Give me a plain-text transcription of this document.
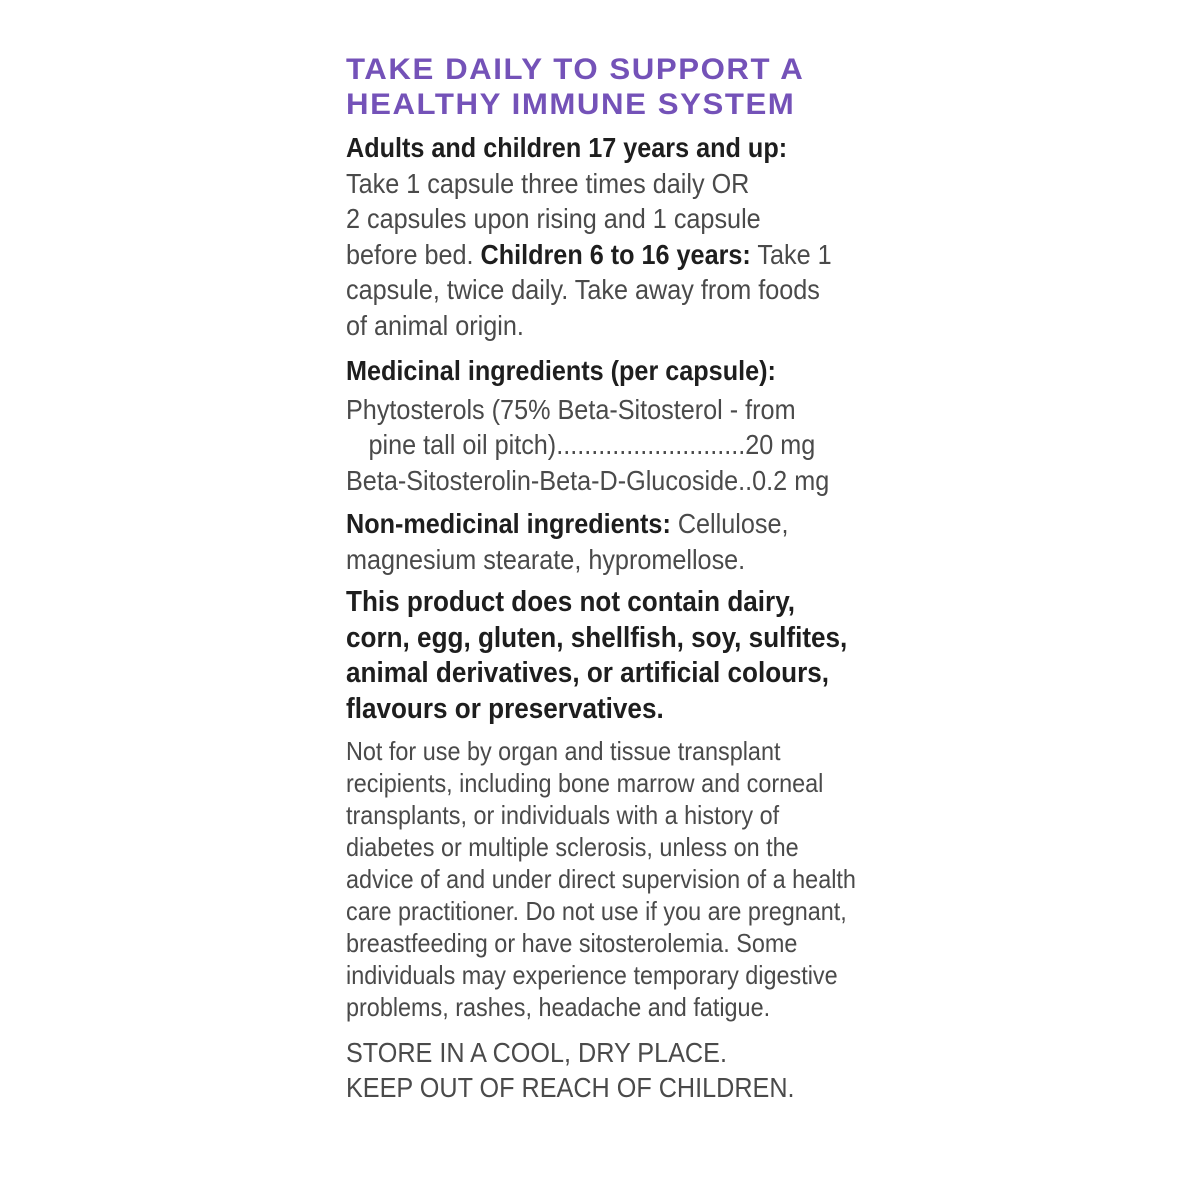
TAKE DAILY TO SUPPORT A
HEALTHY IMMUNE SYSTEM
Adults and children 17 years and up:
Take 1 capsule three times daily OR
2 capsules upon rising and 1 capsule
before bed. Children 6 to 16 years: Take 1
capsule, twice daily. Take away from foods
of animal origin.
Medicinal ingredients (per capsule):
Phytosterols (75% Beta-Sitosterol - from
pine tall oil pitch)...........................20 mg
Beta-Sitosterolin-Beta-D-Glucoside..0.2 mg
Non-medicinal ingredients: Cellulose,
magnesium stearate, hypromellose.
This product does not contain dairy,
corn, egg, gluten, shellfish, soy, sulfites,
animal derivatives, or artificial colours,
flavours or preservatives.
Not for use by organ and tissue transplant
recipients, including bone marrow and corneal
transplants, or individuals with a history of
diabetes or multiple sclerosis, unless on the
advice of and under direct supervision of a health
care practitioner. Do not use if you are pregnant,
breastfeeding or have sitosterolemia. Some
individuals may experience temporary digestive
problems, rashes, headache and fatigue.
STORE IN A COOL, DRY PLACE.
KEEP OUT OF REACH OF CHILDREN.
